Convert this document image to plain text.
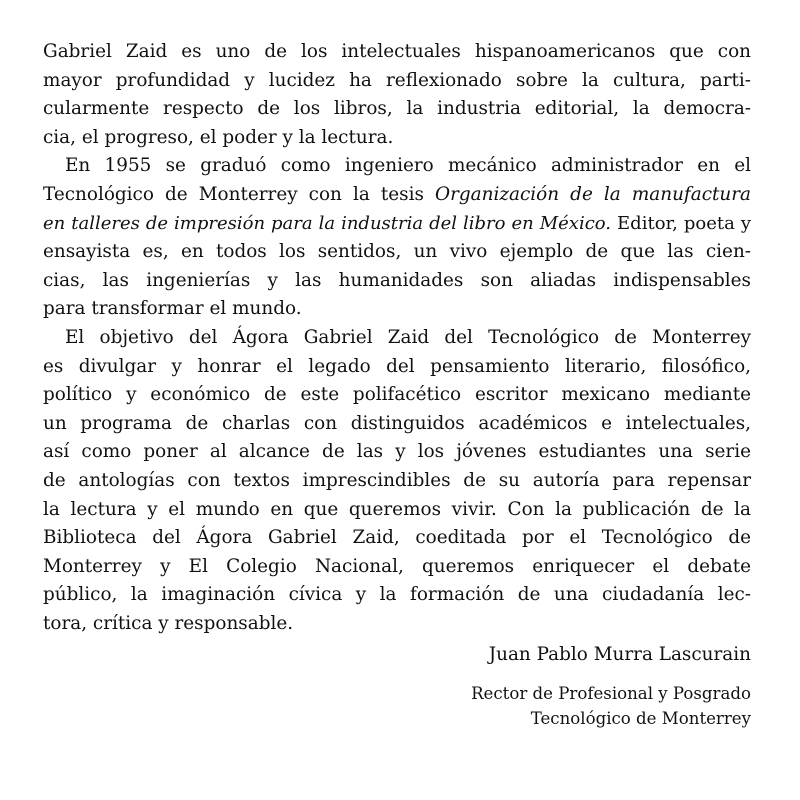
Gabriel Zaid es uno de los intelectuales hispanoamericanos que con
mayor profundidad y lucidez ha reflexionado sobre la cultura, parti-
cularmente respecto de los libros, la industria editorial, la democra-
cia, el progreso, el poder y la lectura.

En 1955 se graduó como ingeniero mecánico administrador en el
Tecnológico de Monterrey con la tesis Organización de la manufactura
en talleres de impresión para la industria del libro en México. Editor, poeta y
ensayista es, en todos los sentidos, un vivo ejemplo de que las cien-
cias, las ingenierías y las humanidades son aliadas indispensables
para transformar el mundo.

El objetivo del Ágora Gabriel Zaid del Tecnológico de Monterrey
es divulgar y honrar el legado del pensamiento literario, filosófico,
político y económico de este polifacético escritor mexicano mediante
un programa de charlas con distinguidos académicos e intelectuales,
así como poner al alcance de las y los jóvenes estudiantes una serie
de antologías con textos imprescindibles de su autoría para repensar
la lectura y el mundo en que queremos vivir. Con la publicación de la
Biblioteca del Ágora Gabriel Zaid, coeditada por el Tecnológico de
Monterrey y El Colegio Nacional, queremos enriquecer el debate
público, la imaginación cívica y la formación de una ciudadanía lec-
tora, crítica y responsable.

Juan Pablo Murra Lascurain
Rector de Profesional y Posgrado
Tecnológico de Monterrey
